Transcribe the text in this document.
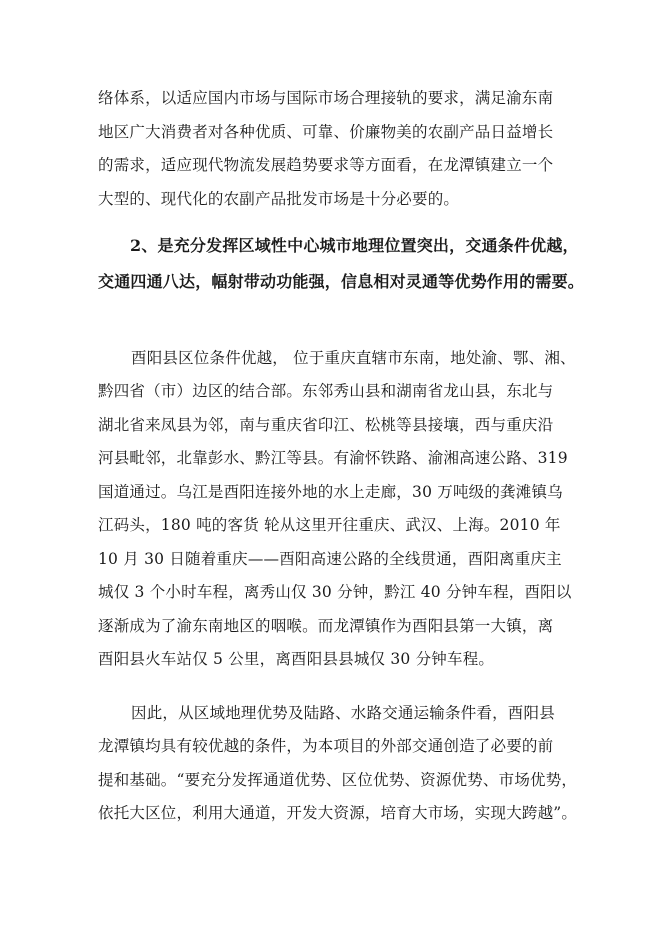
络体系，以适应国内市场与国际市场合理接轨的要求，满足渝东南
地区广大消费者对各种优质、可靠、价廉物美的农副产品日益增长
的需求，适应现代物流发展趋势要求等方面看，在龙潭镇建立一个
大型的、现代化的农副产品批发市场是十分必要的。
2、是充分发挥区域性中心城市地理位置突出，交通条件优越，
交通四通八达，幅射带动功能强，信息相对灵通等优势作用的需要。
酉阳县区位条件优越， 位于重庆直辖市东南，地处渝、鄂、湘、
黔四省（市）边区的结合部。东邻秀山县和湖南省龙山县，东北与
湖北省来凤县为邻，南与重庆省印江、松桃等县接壤，西与重庆沿
河县毗邻，北靠彭水、黔江等县。有渝怀铁路、渝湘高速公路、319
国道通过。乌江是酉阳连接外地的水上走廊，30 万吨级的龚滩镇乌
江码头，180 吨的客货 轮从这里开往重庆、武汉、上海。2010 年
10 月 30 日随着重庆——酉阳高速公路的全线贯通，酉阳离重庆主
城仅 3 个小时车程，离秀山仅 30 分钟，黔江 40 分钟车程，酉阳以
逐渐成为了渝东南地区的咽喉。而龙潭镇作为酉阳县第一大镇，离
酉阳县火车站仅 5 公里，离酉阳县县城仅 30 分钟车程。
因此，从区域地理优势及陆路、水路交通运输条件看，酉阳县
龙潭镇均具有较优越的条件，为本项目的外部交通创造了必要的前
提和基础。“要充分发挥通道优势、区位优势、资源优势、市场优势，
依托大区位，利用大通道，开发大资源，培育大市场，实现大跨越”。
